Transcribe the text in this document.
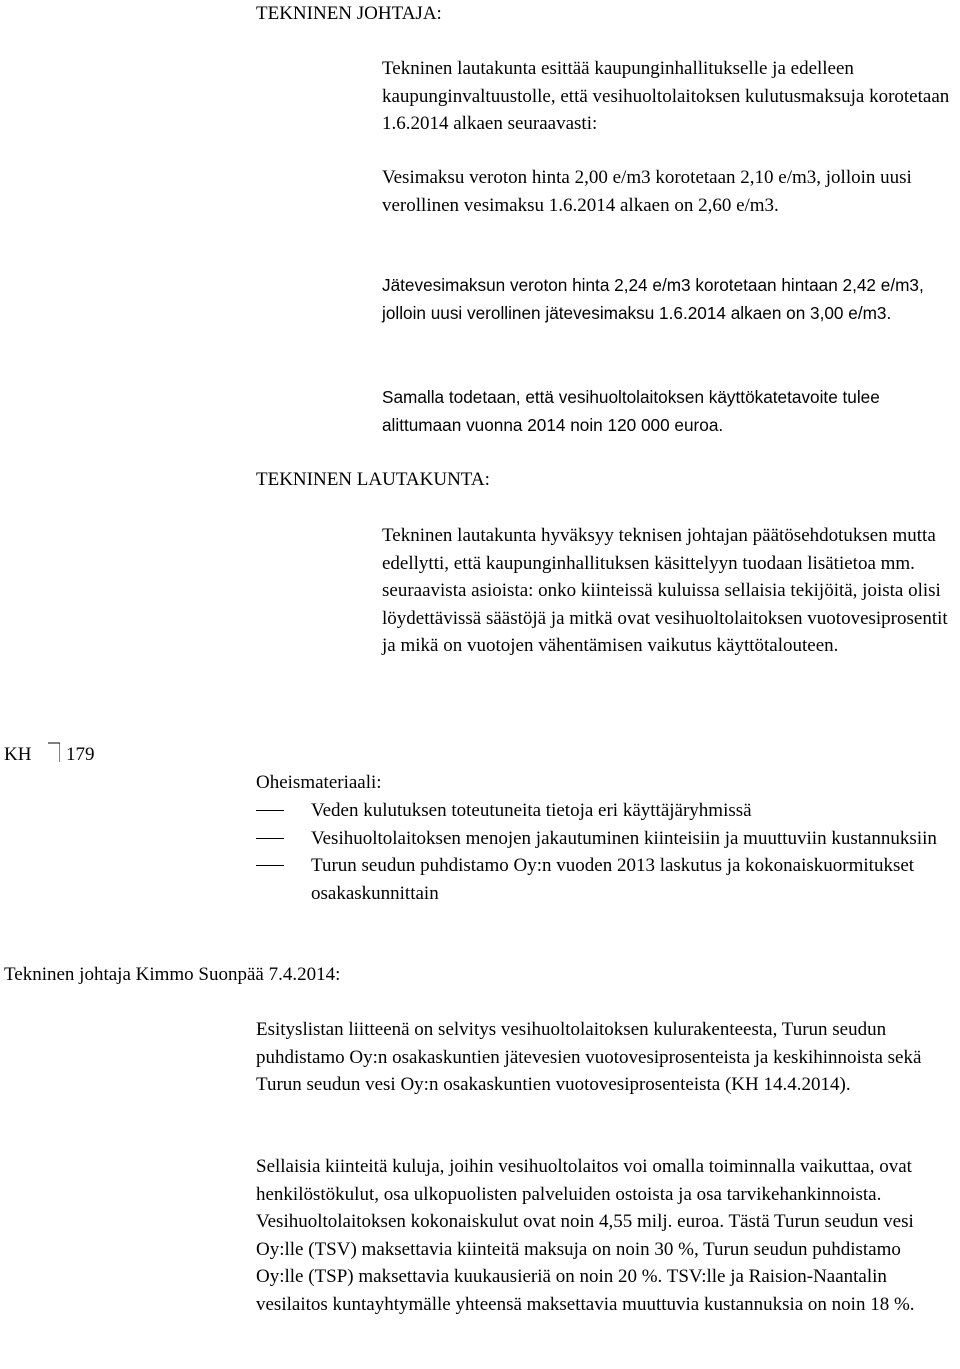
TEKNINEN JOHTAJA:

Tekninen lautakunta esittää kaupunginhallitukselle ja edelleen kaupunginvaltuustolle, että vesihuoltolaitoksen kulutusmaksuja korotetaan 1.6.2014 alkaen seuraavasti:

Vesimaksu veroton hinta 2,00 e/m3 korotetaan 2,10 e/m3, jolloin uusi verollinen vesimaksu 1.6.2014 alkaen on 2,60 e/m3.

Jätevesimaksun veroton hinta 2,24 e/m3 korotetaan hintaan 2,42 e/m3, jolloin uusi verollinen jätevesimaksu 1.6.2014 alkaen on 3,00 e/m3.

Samalla todetaan, että vesihuoltolaitoksen käyttökatetavoite tulee alittumaan vuonna 2014 noin 120 000 euroa.

TEKNINEN LAUTAKUNTA:

Tekninen lautakunta hyväksyy teknisen johtajan päätösehdotuksen mutta edellytti, että kaupunginhallituksen käsittelyyn tuodaan lisätietoa mm. seuraavista asioista: onko kiinteissä kuluissa sellaisia tekijöitä, joista olisi löydettävissä säästöjä ja mitkä ovat vesihuoltolaitoksen vuotovesiprosentit ja mikä on vuotojen vähentämisen vaikutus käyttötalouteen.

KH 179
Oheismateriaali:
Veden kulutuksen toteutuneita tietoja eri käyttäjäryhmissä
Vesihuoltolaitoksen menojen jakautuminen kiinteisiin ja muuttuviin kustannuksiin
Turun seudun puhdistamo Oy:n vuoden 2013 laskutus ja kokonaiskuormitukset osakaskunnittain
Tekninen johtaja Kimmo Suonpää 7.4.2014:

Esityslistan liitteenä on selvitys vesihuoltolaitoksen kulurakenteesta, Turun seudun puhdistamo Oy:n osakaskuntien jätevesien vuotovesiprosenteista ja keskihinnoista sekä Turun seudun vesi Oy:n osakaskuntien vuotovesiprosenteista (KH 14.4.2014).

Sellaisia kiinteitä kuluja, joihin vesihuoltolaitos voi omalla toiminnalla vaikuttaa, ovat henkilöstökulut, osa ulkopuolisten palveluiden ostoista ja osa tarvikehankinnoista. Vesihuoltolaitoksen kokonaiskulut ovat noin 4,55 milj. euroa. Tästä Turun seudun vesi Oy:lle (TSV) maksettavia kiinteitä maksuja on noin 30 %, Turun seudun puhdistamo Oy:lle (TSP) maksettavia kuukausieriä on noin 20 %. TSV:lle ja Raision-Naantalin vesilaitos kuntayhtymälle yhteensä maksettavia muuttuvia kustannuksia on noin 18 %.
